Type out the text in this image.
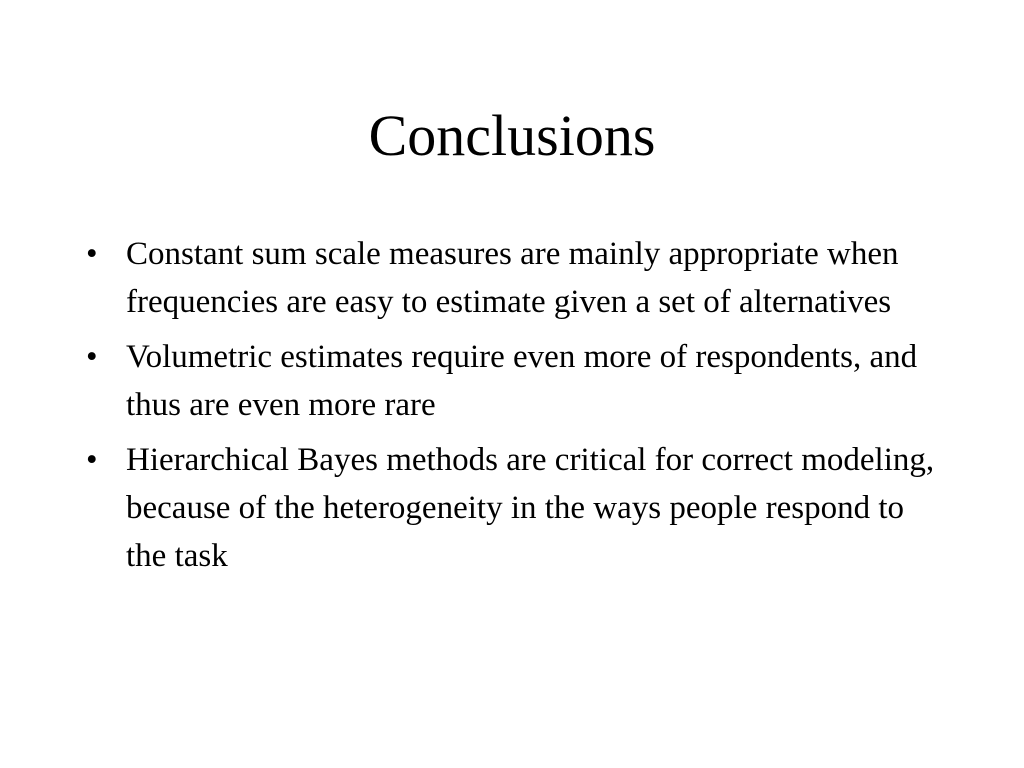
Conclusions
• Constant sum scale measures are mainly appropriate when frequencies are easy to estimate given a set of alternatives
• Volumetric estimates require even more of respondents, and thus are even more rare
• Hierarchical Bayes methods are critical for correct modeling, because of the heterogeneity in the ways people respond to the task
